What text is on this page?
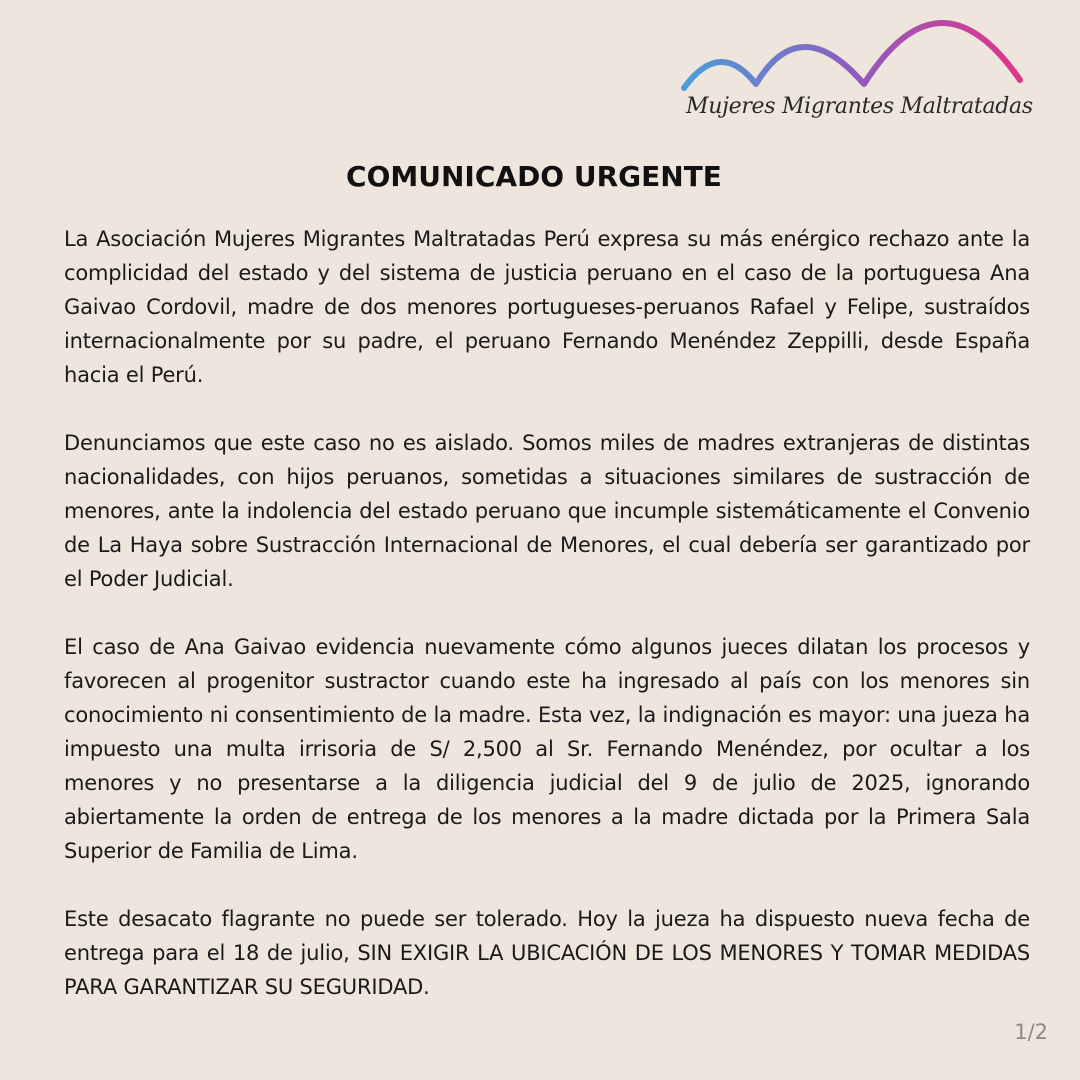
Mujeres Migrantes Maltratadas
COMUNICADO URGENTE

La Asociación Mujeres Migrantes Maltratadas Perú expresa su más enérgico rechazo ante la complicidad del estado y del sistema de justicia peruano en el caso de la portuguesa Ana Gaivao Cordovil, madre de dos menores portugueses-peruanos Rafael y Felipe, sustraídos internacionalmente por su padre, el peruano Fernando Menéndez Zeppilli, desde España hacia el Perú.

Denunciamos que este caso no es aislado. Somos miles de madres extranjeras de distintas nacionalidades, con hijos peruanos, sometidas a situaciones similares de sustracción de menores, ante la indolencia del estado peruano que incumple sistemáticamente el Convenio de La Haya sobre Sustracción Internacional de Menores, el cual debería ser garantizado por el Poder Judicial.

El caso de Ana Gaivao evidencia nuevamente cómo algunos jueces dilatan los procesos y favorecen al progenitor sustractor cuando este ha ingresado al país con los menores sin conocimiento ni consentimiento de la madre. Esta vez, la indignación es mayor: una jueza ha impuesto una multa irrisoria de S/ 2,500 al Sr. Fernando Menéndez, por ocultar a los menores y no presentarse a la diligencia judicial del 9 de julio de 2025, ignorando abiertamente la orden de entrega de los menores a la madre dictada por la Primera Sala Superior de Familia de Lima.

Este desacato flagrante no puede ser tolerado. Hoy la jueza ha dispuesto nueva fecha de entrega para el 18 de julio, SIN EXIGIR LA UBICACIÓN DE LOS MENORES Y TOMAR MEDIDAS PARA GARANTIZAR SU SEGURIDAD.

1/2
